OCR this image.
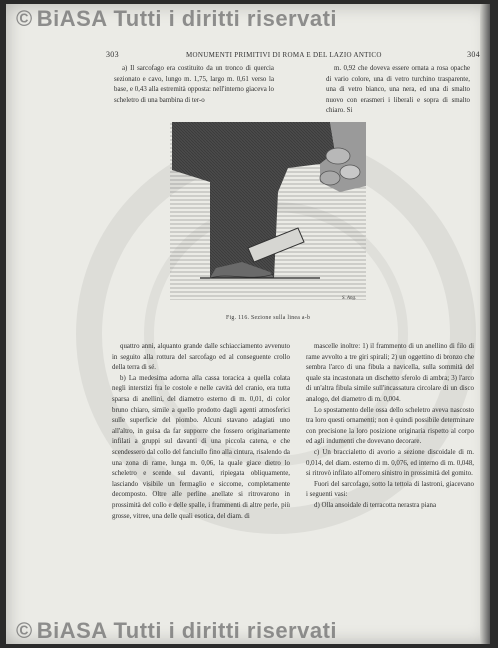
© BiASA Tutti i diritti riservati
303	MONUMENTI PRIMITIVI DI ROMA E DEL LAZIO ANTICO	304

a) Il sarcofago era costituito da un tronco di quercia sezionato e cavo, lungo m. 1,75, largo m. 0,61 verso la base, e 0,43 alla estremità opposta: nell'interno giaceva lo scheletro di una bambina di ter-o

m. 0,92 che doveva essere ornata a rosa opache di vario colore, una di vetro turchino trasparente, una di vetro bianco, una nera, ed una di smalto nuovo con erasmeri i liberali e sopra di smalto chiaro. Si

S. Ang.
Fig. 116. Sezione sulla linea a-b

quattro anni, alquanto grande dalle schiacciamento avvenuto in seguito alla rottura del sarcofago ed al conseguente crollo della terra di sé.

b) La medesima adorna alla cassa toracica a quella colata negli interstizi fra le costole e nelle cavità del cranio, era tutta sparsa di anellini, del diametro esterno di m. 0,01, di color bruno chiaro, simile a quello prodotto dagli agenti atmosferici sulle superficie del piombo. Alcuni stavano adagiati uno all'altro, in guisa da far supporre che fossero originariamente infilati a gruppi sul davanti di una piccola catena, e che scendessero dal collo del fanciullo fino alla cintura, risalendo da una zona di rame, lunga m. 0,06, la quale giace dietro lo scheletro e scende sul davanti, ripiegata obliquamente, lasciando visibile un fermaglio e siccome, completamente decomposto. Oltre alle perline anellate si ritrovarono in prossimità del collo e delle spalle, i frammenti di altre perle, più grosse, vitree, una delle quali esotica, del diam. di

mascelle inoltre: 1) il frammento di un anellino di filo di rame avvolto a tre giri spirali; 2) un oggettino di bronzo che sembra l'arco di una fibula a navicella, sulla sommità del quale sta incastonata un dischetto sferolo di ambra; 3) l'arco di un'altra fibula simile sull'incassatura circolare di un disco analogo, del diametro di m. 0,004.

Lo spostamento delle ossa dello scheletro aveva nascosto tra loro questi ornamenti; non è quindi possibile determinare con precisione la loro posizione originaria rispetto al corpo ed agli indumenti che dovevano decorare.

c) Un braccialetto di avorio a sezione discoidale di m. 0,014, del diam. esterno di m. 0,076, ed interno di m. 0,048, si ritrovò infilato all'omero sinistro in prossimità del gomito.

Fuori del sarcofago, sotto la tettoia di lastroni, giacevano i seguenti vasi:

d) Olla ansoidale di terracotta nerastra piana

© BiASA Tutti i diritti riservati
